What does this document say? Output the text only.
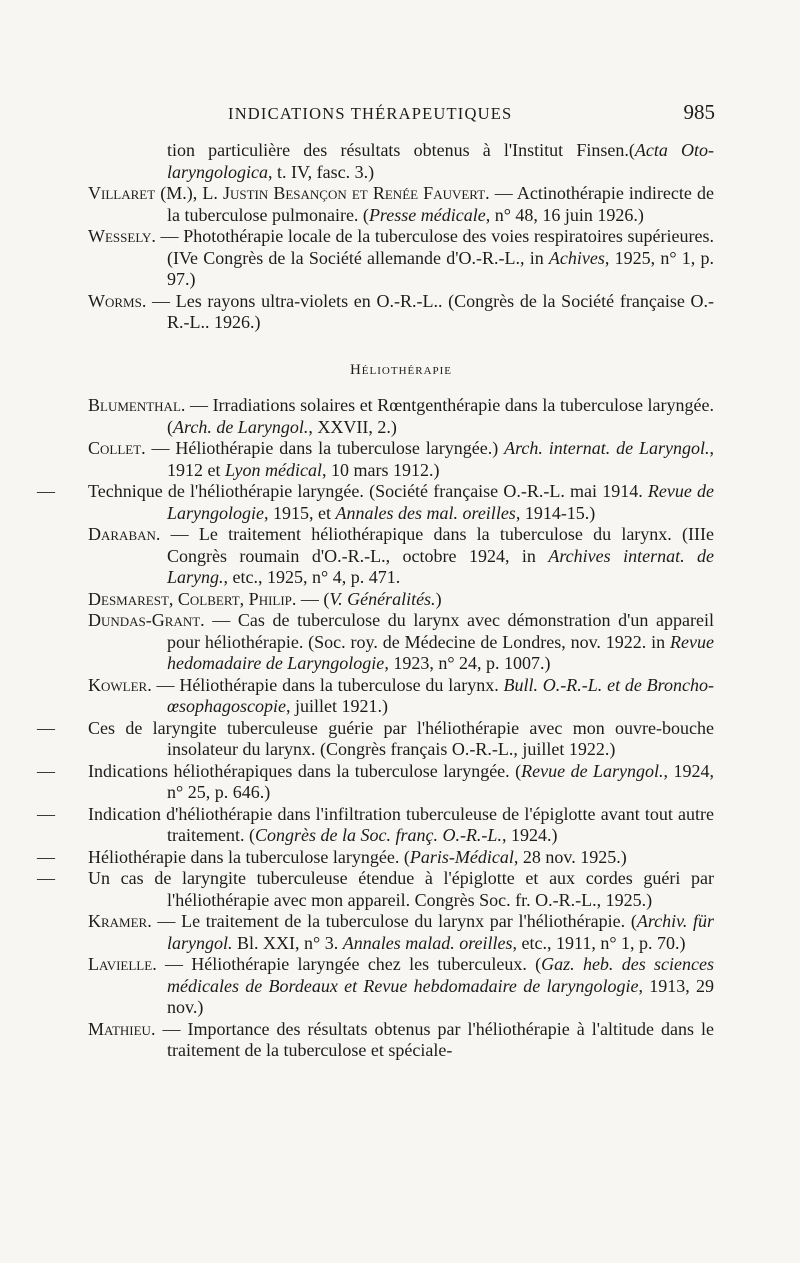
INDICATIONS THÉRAPEUTIQUES	985
tion particulière des résultats obtenus à l'Institut Finsen.(Acta Oto-laryngologica, t. IV, fasc. 3.)
Villaret (M.), L. Justin Besançon et Renée Fauvert. — Actinothérapie indirecte de la tuberculose pulmonaire. (Presse médicale, n° 48, 16 juin 1926.)
Wessely. — Photothérapie locale de la tuberculose des voies respiratoires supérieures. (IVe Congrès de la Société allemande d'O.-R.-L., in Achives, 1925, n° 1, p. 97.)
Worms. — Les rayons ultra-violets en O.-R.-L.. (Congrès de la Société française O.-R.-L.. 1926.)
Héliothérapie
Blumenthal. — Irradiations solaires et Rœntgenthérapie dans la tuberculose laryngée. (Arch. de Laryngol., XXVII, 2.)
Collet. — Héliothérapie dans la tuberculose laryngée.) Arch. internat. de Laryngol., 1912 et Lyon médical, 10 mars 1912.)
— Technique de l'héliothérapie laryngée. (Société française O.-R.-L. mai 1914. Revue de Laryngologie, 1915, et Annales des mal. oreilles, 1914-15.)
Daraban. — Le traitement héliothérapique dans la tuberculose du larynx. (IIIe Congrès roumain d'O.-R.-L., octobre 1924, in Archives internat. de Laryng., etc., 1925, n° 4, p. 471.
Desmarest, Colbert, Philip. — (V. Généralités.)
Dundas-Grant. — Cas de tuberculose du larynx avec démonstration d'un appareil pour héliothérapie. (Soc. roy. de Médecine de Londres, nov. 1922. in Revue hedomadaire de Laryngologie, 1923, n° 24, p. 1007.)
Kowler. — Héliothérapie dans la tuberculose du larynx. Bull. O.-R.-L. et de Broncho-œsophagoscopie, juillet 1921.)
— Ces de laryngite tuberculeuse guérie par l'héliothérapie avec mon ouvre-bouche insolateur du larynx. (Congrès français O.-R.-L., juillet 1922.)
— Indications héliothérapiques dans la tuberculose laryngée. (Revue de Laryngol., 1924, n° 25, p. 646.)
— Indication d'héliothérapie dans l'infiltration tuberculeuse de l'épiglotte avant tout autre traitement. (Congrès de la Soc. franç. O.-R.-L., 1924.)
— Héliothérapie dans la tuberculose laryngée. (Paris-Médical, 28 nov. 1925.)
— Un cas de laryngite tuberculeuse étendue à l'épiglotte et aux cordes guéri par l'héliothérapie avec mon appareil. Congrès Soc. fr. O.-R.-L., 1925.)
Kramer. — Le traitement de la tuberculose du larynx par l'héliothérapie. (Archiv. für laryngol. Bl. XXI, n° 3. Annales malad. oreilles, etc., 1911, n° 1, p. 70.)
Lavielle. — Héliothérapie laryngée chez les tuberculeux. (Gaz. heb. des sciences médicales de Bordeaux et Revue hebdomadaire de laryngologie, 1913, 29 nov.)
Mathieu. — Importance des résultats obtenus par l'héliothérapie à l'altitude dans le traitement de la tuberculose et spéciale-
